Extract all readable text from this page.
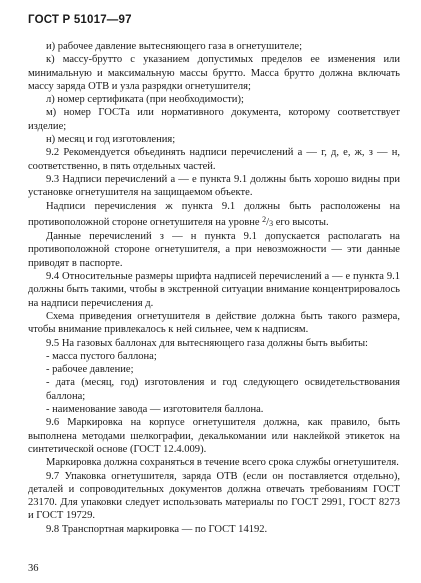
ГОСТ Р 51017—97

и) рабочее давление вытесняющего газа в огнетушителе;

к) массу-брутто с указанием допустимых пределов ее изменения или минимальную и максимальную массы брутто. Масса брутто должна включать массу заряда ОТВ и узла разрядки огнетушителя;

л) номер сертификата (при необходимости);

м) номер ГОСТа или нормативного документа, которому соответствует изделие;

н) месяц и год изготовления;

9.2 Рекомендуется объединять надписи перечислений а — г, д, е, ж, з — н, соответственно, в пять отдельных частей.

9.3 Надписи перечислений а — е пункта 9.1 должны быть хорошо видны при установке огнетушителя на защищаемом объекте.

Надписи перечисления ж пункта 9.1 должны быть расположены на противоположной стороне огнетушителя на уровне $^2$/3 его высоты.

Данные перечислений з — н пункта 9.1 допускается располагать на противоположной стороне огнетушителя, а при невозможности — эти данные приводят в паспорте.

9.4 Относительные размеры шрифта надписей перечислений а — е пункта 9.1 должны быть такими, чтобы в экстренной ситуации внимание концентрировалось на надписи перечисления д.

Схема приведения огнетушителя в действие должна быть такого размера, чтобы внимание привлекалось к ней сильнее, чем к надписям.

9.5 На газовых баллонах для вытесняющего газа должны быть выбиты:

- масса пустого баллона;

- рабочее давление;

- дата (месяц, год) изготовления и год следующего освидетельствования баллона;

- наименование завода — изготовителя баллона.

9.6 Маркировка на корпусе огнетушителя должна, как правило, быть выполнена методами шелкографии, декалькомании или наклейкой этикеток на синтетической основе (ГОСТ 12.4.009).

Маркировка должна сохраняться в течение всего срока службы огнетушителя.

9.7 Упаковка огнетушителя, заряда ОТВ (если он поставляется отдельно), деталей и сопроводительных документов должна отвечать требованиям ГОСТ 23170. Для упаковки следует использовать материалы по ГОСТ 2991, ГОСТ 8273 и ГОСТ 19729.

9.8 Транспортная маркировка — по ГОСТ 14192.

36
